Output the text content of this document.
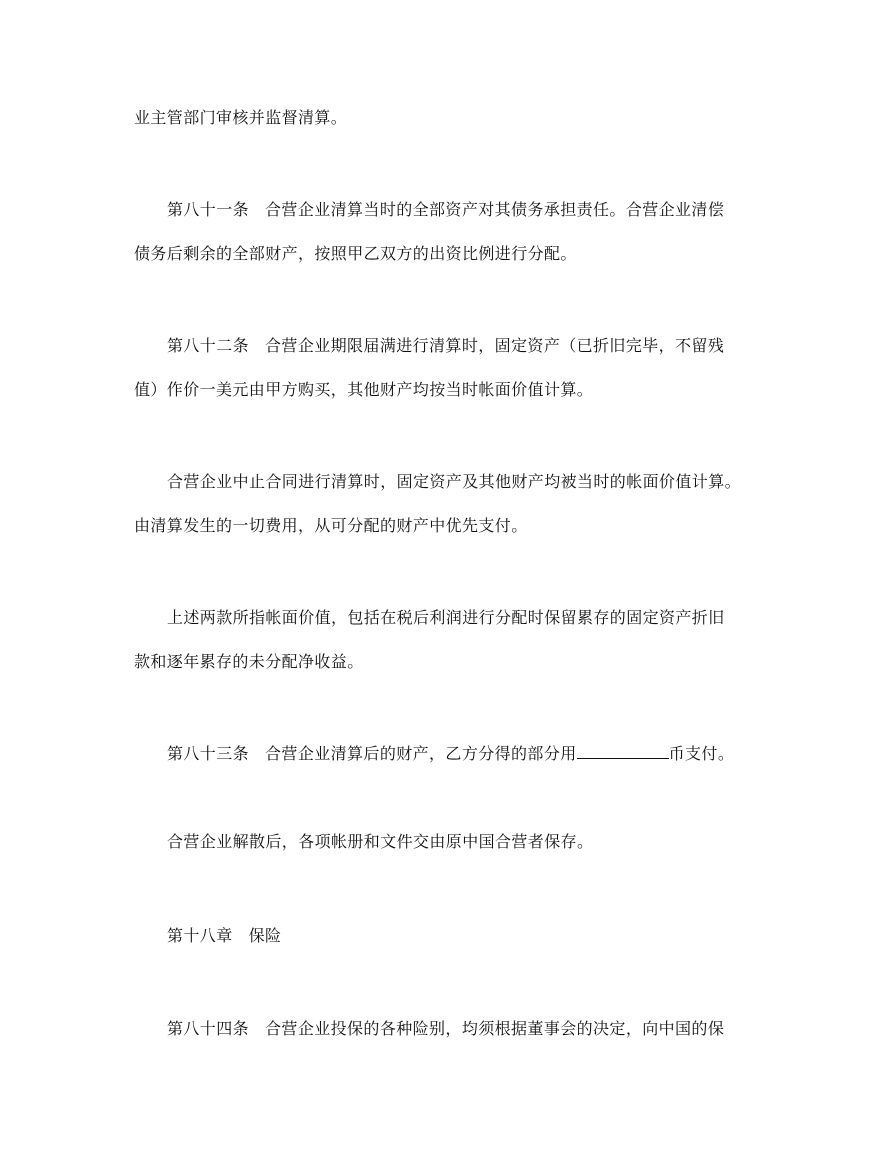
业主管部门审核并监督清算。
第八十一条 合营企业清算当时的全部资产对其债务承担责任。合营企业清偿
债务后剩余的全部财产，按照甲乙双方的出资比例进行分配。
第八十二条 合营企业期限届满进行清算时，固定资产（已折旧完毕，不留残
值）作价一美元由甲方购买，其他财产均按当时帐面价值计算。
合营企业中止合同进行清算时，固定资产及其他财产均被当时的帐面价值计算。
由清算发生的一切费用，从可分配的财产中优先支付。
上述两款所指帐面价值，包括在税后利润进行分配时保留累存的固定资产折旧
款和逐年累存的未分配净收益。
第八十三条 合营企业清算后的财产，乙方分得的部分用	币支付。
合营企业解散后，各项帐册和文件交由原中国合营者保存。
第十八章 保险
第八十四条 合营企业投保的各种险别，均须根据董事会的决定，向中国的保
